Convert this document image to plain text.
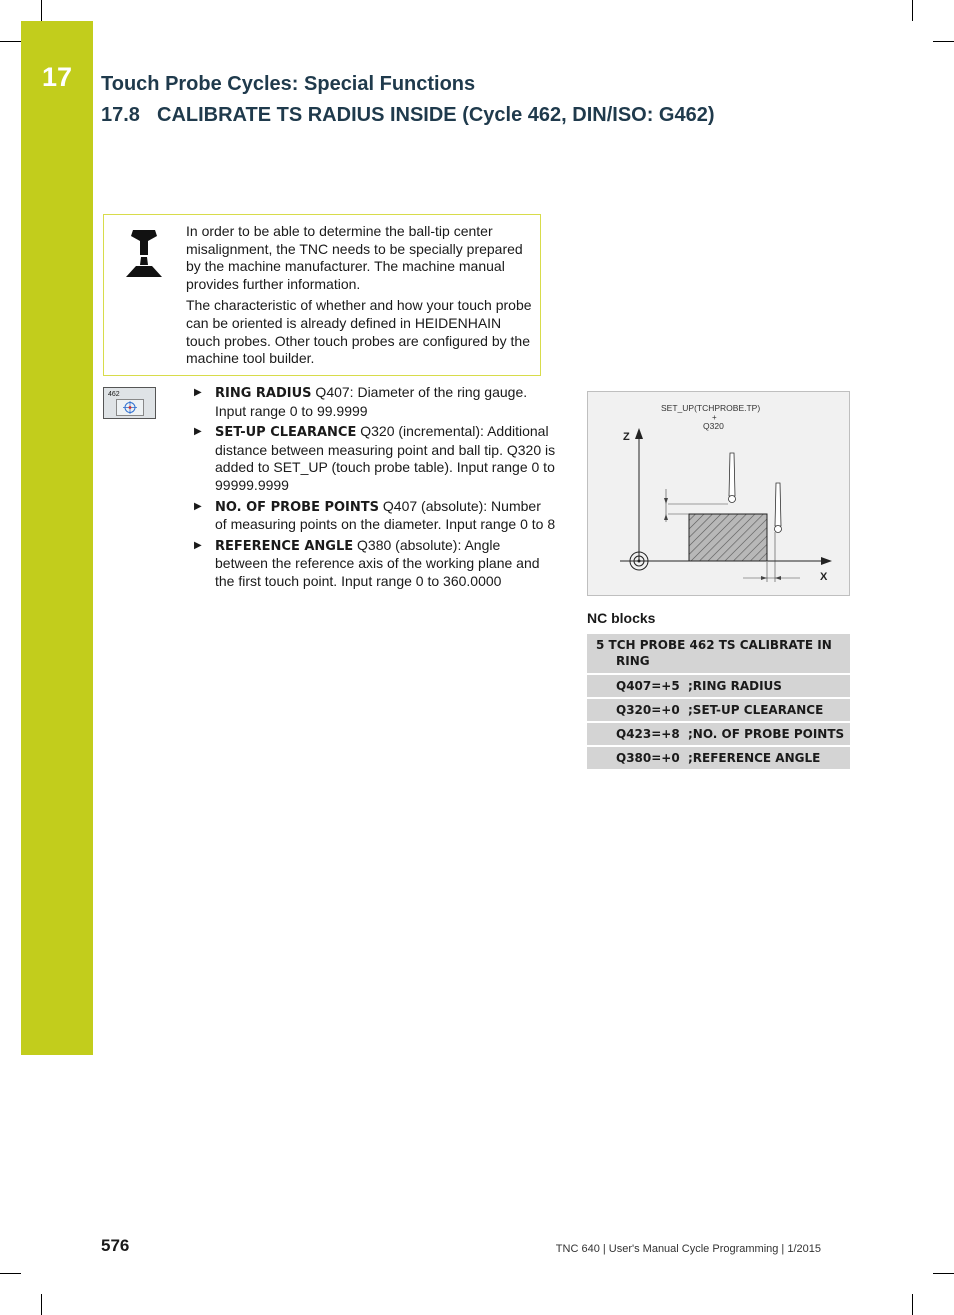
17	Touch Probe Cycles: Special Functions
17.8 CALIBRATE TS RADIUS INSIDE (Cycle 462, DIN/ISO: G462)

In order to be able to determine the ball-tip center misalignment, the TNC needs to be specially prepared by the machine manufacturer. The machine manual provides further information.

The characteristic of whether and how your touch probe can be oriented is already defined in HEIDENHAIN touch probes. Other touch probes are configured by the machine tool builder.

462	▶ RING RADIUS Q407: Diameter of the ring gauge. Input range 0 to 99.9999
▶ SET-UP CLEARANCE Q320 (incremental): Additional distance between measuring point and ball tip. Q320 is added to SET_UP (touch probe table). Input range 0 to 99999.9999
▶ NO. OF PROBE POINTS Q407 (absolute): Number of measuring points on the diameter. Input range 0 to 8
▶ REFERENCE ANGLE Q380 (absolute): Angle between the reference axis of the working plane and the first touch point. Input range 0 to 360.0000
SET_UP(TCHPROBE.TP)
+
Q320
Z
X
NC blocks
5 TCH PROBE 462 TS CALIBRATE IN
RING
Q407=+5 ;RING RADIUS
Q320=+0 ;SET-UP CLEARANCE
Q423=+8 ;NO. OF PROBE POINTS
Q380=+0 ;REFERENCE ANGLE
576	TNC 640 | User's Manual Cycle Programming | 1/2015
